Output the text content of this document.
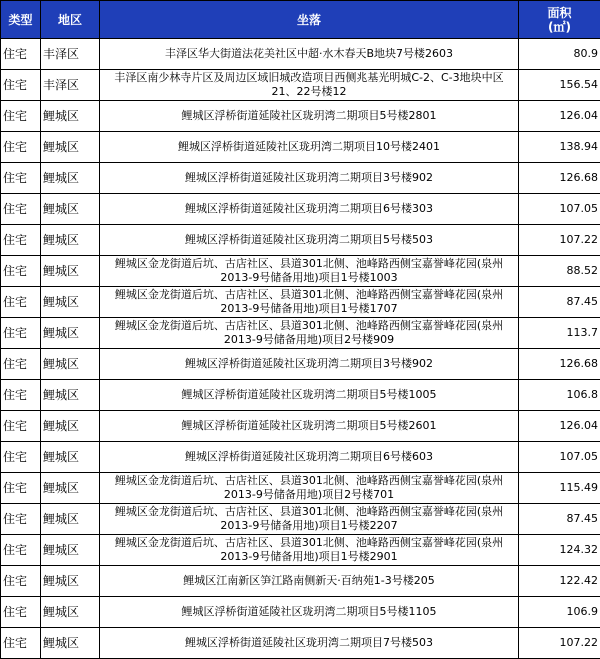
类型	地区	坐落	面积
(㎡)

住宅	丰泽区	丰泽区华大街道法花美社区中超·水木春天B地块7号楼2603	80.9
住宅	丰泽区	丰泽区南少林寺片区及周边区域旧城改造项目西侧兆基光明城C-2、C-3地块中区21、22号楼12	156.54
住宅	鲤城区	鲤城区浮桥街道延陵社区珑玥湾二期项目5号楼2801	126.04
住宅	鲤城区	鲤城区浮桥街道延陵社区珑玥湾二期项目10号楼2401	138.94
住宅	鲤城区	鲤城区浮桥街道延陵社区珑玥湾二期项目3号楼902	126.68
住宅	鲤城区	鲤城区浮桥街道延陵社区珑玥湾二期项目6号楼303	107.05
住宅	鲤城区	鲤城区浮桥街道延陵社区珑玥湾二期项目5号楼503	107.22
住宅	鲤城区	鲤城区金龙街道后坑、古店社区、县道301北侧、池峰路西侧宝嘉誉峰花园(泉州2013-9号储备用地)项目1号楼1003	88.52
住宅	鲤城区	鲤城区金龙街道后坑、古店社区、县道301北侧、池峰路西侧宝嘉誉峰花园(泉州2013-9号储备用地)项目1号楼1707	87.45
住宅	鲤城区	鲤城区金龙街道后坑、古店社区、县道301北侧、池峰路西侧宝嘉誉峰花园(泉州2013-9号储备用地)项目2号楼909	113.7
住宅	鲤城区	鲤城区浮桥街道延陵社区珑玥湾二期项目3号楼902	126.68
住宅	鲤城区	鲤城区浮桥街道延陵社区珑玥湾二期项目5号楼1005	106.8
住宅	鲤城区	鲤城区浮桥街道延陵社区珑玥湾二期项目5号楼2601	126.04
住宅	鲤城区	鲤城区浮桥街道延陵社区珑玥湾二期项目6号楼603	107.05
住宅	鲤城区	鲤城区金龙街道后坑、古店社区、县道301北侧、池峰路西侧宝嘉誉峰花园(泉州2013-9号储备用地)项目2号楼701	115.49
住宅	鲤城区	鲤城区金龙街道后坑、古店社区、县道301北侧、池峰路西侧宝嘉誉峰花园(泉州2013-9号储备用地)项目1号楼2207	87.45
住宅	鲤城区	鲤城区金龙街道后坑、古店社区、县道301北侧、池峰路西侧宝嘉誉峰花园(泉州2013-9号储备用地)项目1号楼2901	124.32
住宅	鲤城区	鲤城区江南新区笋江路南侧新天·百纳苑1-3号楼205	122.42
住宅	鲤城区	鲤城区浮桥街道延陵社区珑玥湾二期项目5号楼1105	106.9
住宅	鲤城区	鲤城区浮桥街道延陵社区珑玥湾二期项目7号楼503	107.22
